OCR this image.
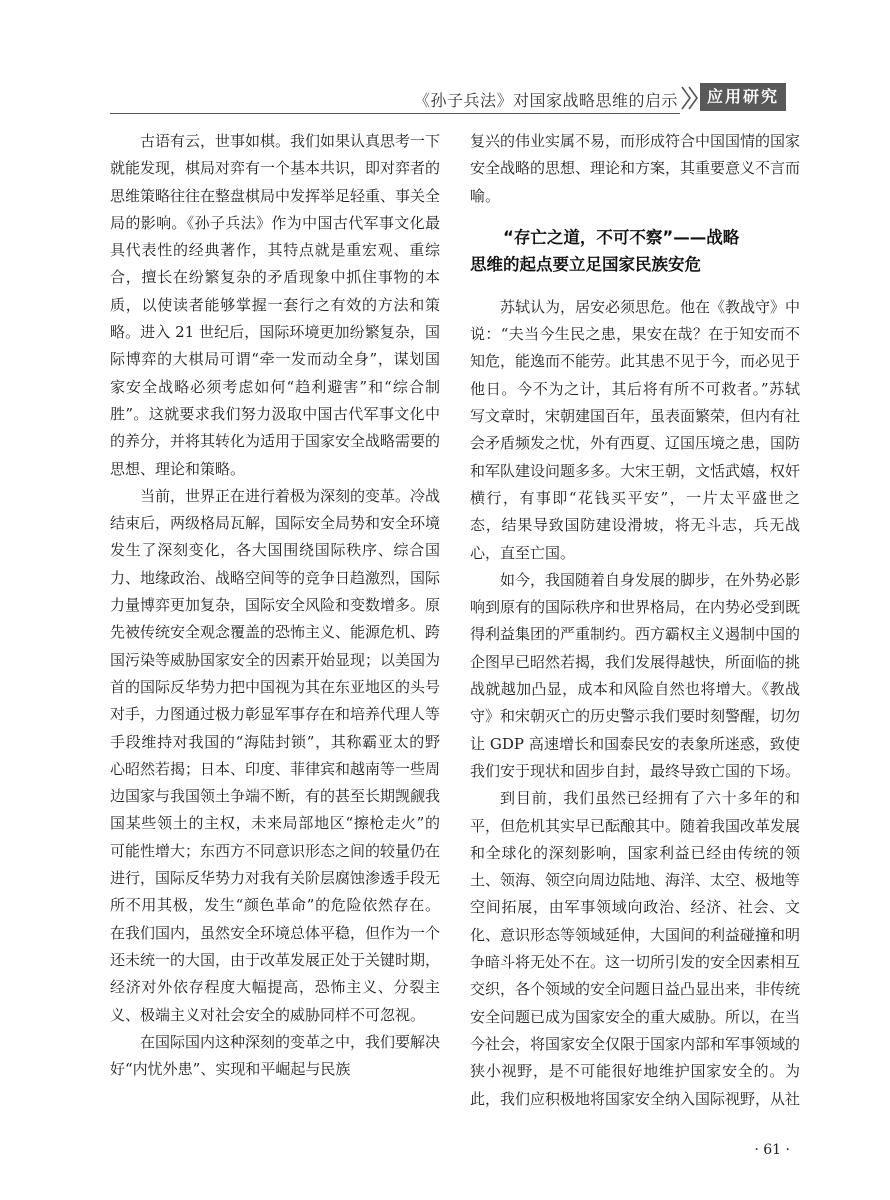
《孙子兵法》对国家战略思维的启示	应用研究

古语有云，世事如棋。我们如果认真思考一下就能发现，棋局对弈有一个基本共识，即对弈者的思维策略往往在整盘棋局中发挥举足轻重、事关全局的影响。《孙子兵法》作为中国古代军事文化最具代表性的经典著作，其特点就是重宏观、重综合，擅长在纷繁复杂的矛盾现象中抓住事物的本质，以使读者能够掌握一套行之有效的方法和策略。进入 21 世纪后，国际环境更加纷繁复杂，国际博弈的大棋局可谓“牵一发而动全身”，谋划国家安全战略必须考虑如何“趋利避害”和“综合制胜”。这就要求我们努力汲取中国古代军事文化中的养分，并将其转化为适用于国家安全战略需要的思想、理论和策略。

当前，世界正在进行着极为深刻的变革。冷战结束后，两级格局瓦解，国际安全局势和安全环境发生了深刻变化，各大国围绕国际秩序、综合国力、地缘政治、战略空间等的竞争日趋激烈，国际力量博弈更加复杂，国际安全风险和变数增多。原先被传统安全观念覆盖的恐怖主义、能源危机、跨国污染等威胁国家安全的因素开始显现；以美国为首的国际反华势力把中国视为其在东亚地区的头号对手，力图通过极力彰显军事存在和培养代理人等手段维持对我国的“海陆封锁”，其称霸亚太的野心昭然若揭；日本、印度、菲律宾和越南等一些周边国家与我国领土争端不断，有的甚至长期觊觎我国某些领土的主权，未来局部地区“擦枪走火”的可能性增大；东西方不同意识形态之间的较量仍在进行，国际反华势力对我有关阶层腐蚀渗透手段无所不用其极，发生“颜色革命”的危险依然存在。在我们国内，虽然安全环境总体平稳，但作为一个还未统一的大国，由于改革发展正处于关键时期，经济对外依存程度大幅提高，恐怖主义、分裂主义、极端主义对社会安全的威胁同样不可忽视。

在国际国内这种深刻的变革之中，我们要解决好“内忧外患”、实现和平崛起与民族

复兴的伟业实属不易，而形成符合中国国情的国家安全战略的思想、理论和方案，其重要意义不言而喻。

“存亡之道，不可不察”——战略
思维的起点要立足国家民族安危

苏轼认为，居安必须思危。他在《教战守》中说：“夫当今生民之患，果安在哉？在于知安而不知危，能逸而不能劳。此其患不见于今，而必见于他日。今不为之计，其后将有所不可救者。”苏轼写文章时，宋朝建国百年，虽表面繁荣，但内有社会矛盾频发之忧，外有西夏、辽国压境之患，国防和军队建设问题多多。大宋王朝，文恬武嬉，权奸横行，有事即“花钱买平安”，一片太平盛世之态，结果导致国防建设滑坡，将无斗志，兵无战心，直至亡国。

如今，我国随着自身发展的脚步，在外势必影响到原有的国际秩序和世界格局，在内势必受到既得利益集团的严重制约。西方霸权主义遏制中国的企图早已昭然若揭，我们发展得越快，所面临的挑战就越加凸显，成本和风险自然也将增大。《教战守》和宋朝灭亡的历史警示我们要时刻警醒，切勿让 GDP 高速增长和国泰民安的表象所迷惑，致使我们安于现状和固步自封，最终导致亡国的下场。

到目前，我们虽然已经拥有了六十多年的和平，但危机其实早已酝酿其中。随着我国改革发展和全球化的深刻影响，国家利益已经由传统的领土、领海、领空向周边陆地、海洋、太空、极地等空间拓展，由军事领域向政治、经济、社会、文化、意识形态等领域延伸，大国间的利益碰撞和明争暗斗将无处不在。这一切所引发的安全因素相互交织，各个领域的安全问题日益凸显出来，非传统安全问题已成为国家安全的重大威胁。所以，在当今社会，将国家安全仅限于国家内部和军事领域的狭小视野，是不可能很好地维护国家安全的。为此，我们应积极地将国家安全纳入国际视野，从社

· 61 ·
